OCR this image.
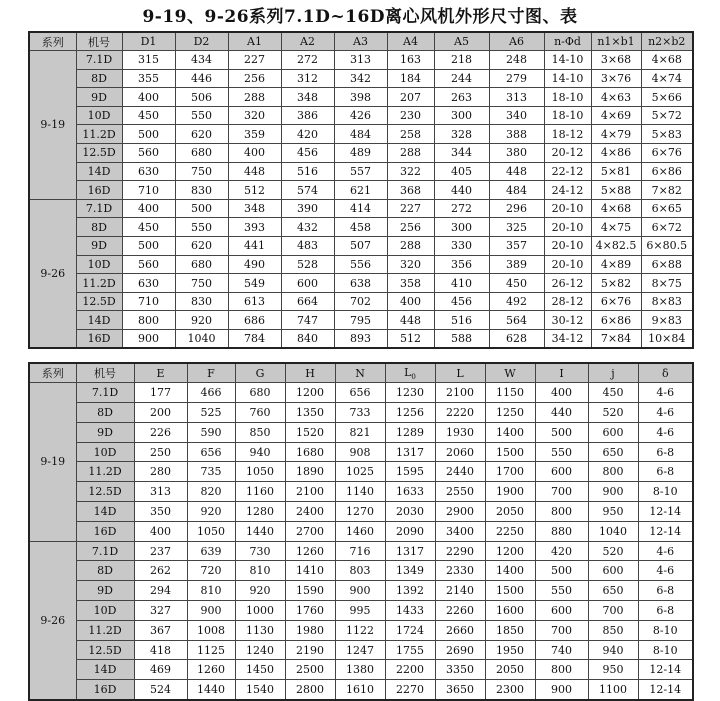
9-19、9-26系列7.1D~16D离心风机外形尺寸图、表
系列	机号	D1	D2	A1	A2	A3	A4	A5	A6	n-Φd	n1×b1	n2×b2
9-19	7.1D	315	434	227	272	313	163	218	248	14-10	3×68	4×68
	8D	355	446	256	312	342	184	244	279	14-10	3×76	4×74
	9D	400	506	288	348	398	207	263	313	18-10	4×63	5×66
	10D	450	550	320	386	426	230	300	340	18-10	4×69	5×72
	11.2D	500	620	359	420	484	258	328	388	18-12	4×79	5×83
	12.5D	560	680	400	456	489	288	344	380	20-12	4×86	6×76
	14D	630	750	448	516	557	322	405	448	22-12	5×81	6×86
	16D	710	830	512	574	621	368	440	484	24-12	5×88	7×82
9-26	7.1D	400	500	348	390	414	227	272	296	20-10	4×68	6×65
	8D	450	550	393	432	458	256	300	325	20-10	4×75	6×72
	9D	500	620	441	483	507	288	330	357	20-10	4×82.5	6×80.5
	10D	560	680	490	528	556	320	356	389	20-10	4×89	6×88
	11.2D	630	750	549	600	638	358	410	450	26-12	5×82	8×75
	12.5D	710	830	613	664	702	400	456	492	28-12	6×76	8×83
	14D	800	920	686	747	795	448	516	564	30-12	6×86	9×83
	16D	900	1040	784	840	893	512	588	628	34-12	7×84	10×84
系列	机号	E	F	G	H	N	$L_0$	L	W	I	j	δ
9-19	7.1D	177	466	680	1200	656	1230	2100	1150	400	450	4-6
	8D	200	525	760	1350	733	1256	2220	1250	440	520	4-6
	9D	226	590	850	1520	821	1289	1930	1400	500	600	4-6
	10D	250	656	940	1680	908	1317	2060	1500	550	650	6-8
	11.2D	280	735	1050	1890	1025	1595	2440	1700	600	800	6-8
	12.5D	313	820	1160	2100	1140	1633	2550	1900	700	900	8-10
	14D	350	920	1280	2400	1270	2030	2900	2050	800	950	12-14
	16D	400	1050	1440	2700	1460	2090	3400	2250	880	1040	12-14
9-26	7.1D	237	639	730	1260	716	1317	2290	1200	420	520	4-6
	8D	262	720	810	1410	803	1349	2330	1400	500	600	4-6
	9D	294	810	920	1590	900	1392	2140	1500	550	650	6-8
	10D	327	900	1000	1760	995	1433	2260	1600	600	700	6-8
	11.2D	367	1008	1130	1980	1122	1724	2660	1850	700	850	8-10
	12.5D	418	1125	1240	2190	1247	1755	2690	1950	740	940	8-10
	14D	469	1260	1450	2500	1380	2200	3350	2050	800	950	12-14
	16D	524	1440	1540	2800	1610	2270	3650	2300	900	1100	12-14
